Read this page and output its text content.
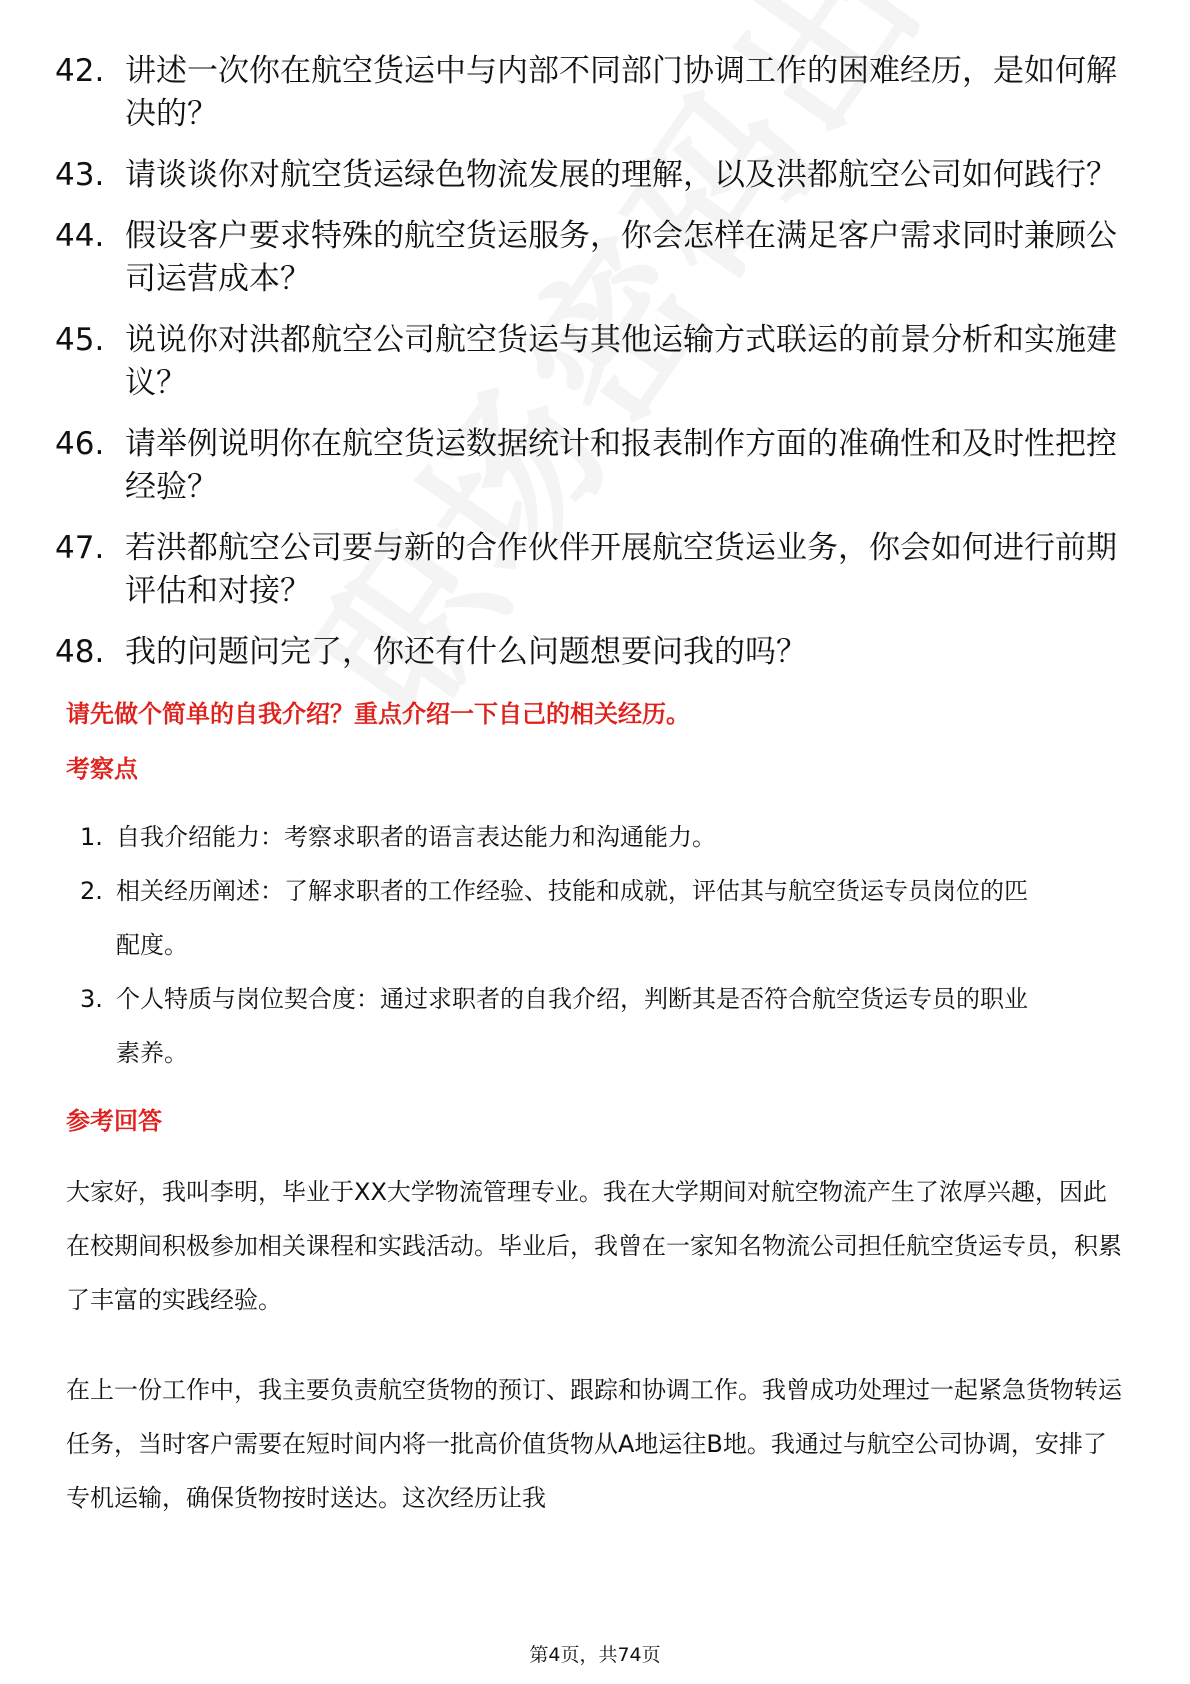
42. 讲述一次你在航空货运中与内部不同部门协调工作的困难经历，是如何解决的？
43. 请谈谈你对航空货运绿色物流发展的理解，以及洪都航空公司如何践行？
44. 假设客户要求特殊的航空货运服务，你会怎样在满足客户需求同时兼顾公司运营成本？
45. 说说你对洪都航空公司航空货运与其他运输方式联运的前景分析和实施建议？
46. 请举例说明你在航空货运数据统计和报表制作方面的准确性和及时性把控经验？
47. 若洪都航空公司要与新的合作伙伴开展航空货运业务，你会如何进行前期评估和对接？
48. 我的问题问完了，你还有什么问题想要问我的吗？
请先做个简单的自我介绍？重点介绍一下自己的相关经历。
考察点
1. 自我介绍能力：考察求职者的语言表达能力和沟通能力。
2. 相关经历阐述：了解求职者的工作经验、技能和成就，评估其与航空货运专员岗位的匹配度。
3. 个人特质与岗位契合度：通过求职者的自我介绍，判断其是否符合航空货运专员的职业素养。
参考回答

大家好，我叫李明，毕业于XX大学物流管理专业。我在大学期间对航空物流产生了浓厚兴趣，因此在校期间积极参加相关课程和实践活动。毕业后，我曾在一家知名物流公司担任航空货运专员，积累了丰富的实践经验。

在上一份工作中，我主要负责航空货物的预订、跟踪和协调工作。我曾成功处理过一起紧急货物转运任务，当时客户需要在短时间内将一批高价值货物从A地运往B地。我通过与航空公司协调，安排了专机运输，确保货物按时送达。这次经历让我

第4页，共74页
